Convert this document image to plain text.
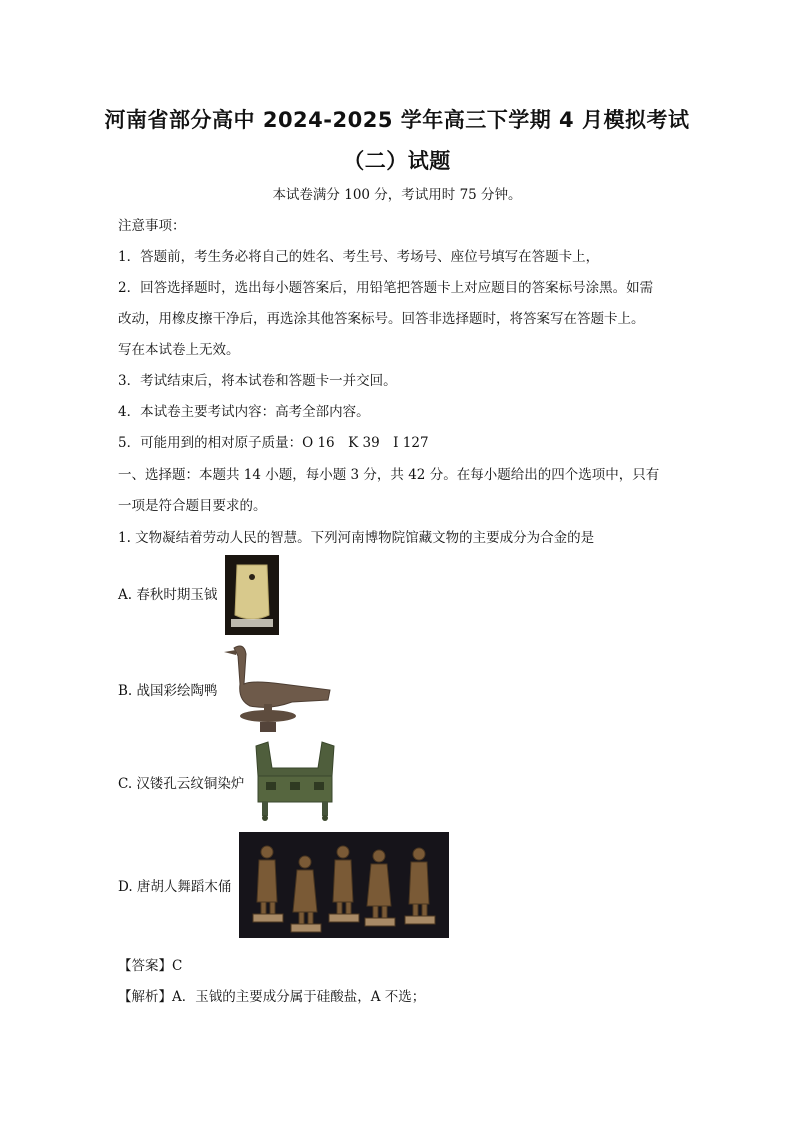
河南省部分高中 2024-2025 学年高三下学期 4 月模拟考试
（二）试题
本试卷满分 100 分，考试用时 75 分钟。
注意事项：
1．答题前，考生务必将自己的姓名、考生号、考场号、座位号填写在答题卡上，
2．回答选择题时，选出每小题答案后，用铅笔把答题卡上对应题目的答案标号涂黑。如需
改动，用橡皮擦干净后，再选涂其他答案标号。回答非选择题时，将答案写在答题卡上。
写在本试卷上无效。
3．考试结束后，将本试卷和答题卡一并交回。
4．本试卷主要考试内容：高考全部内容。
5．可能用到的相对原子质量：O 16　K 39　I 127
一、选择题：本题共 14 小题，每小题 3 分，共 42 分。在每小题给出的四个选项中，只有
一项是符合题目要求的。
1. 文物凝结着劳动人民的智慧。下列河南博物院馆藏文物的主要成分为合金的是
A. 春秋时期玉钺
B. 战国彩绘陶鸭
C. 汉镂孔云纹铜染炉
D. 唐胡人舞蹈木俑
【答案】C
【解析】A．玉钺的主要成分属于硅酸盐，A 不选；
